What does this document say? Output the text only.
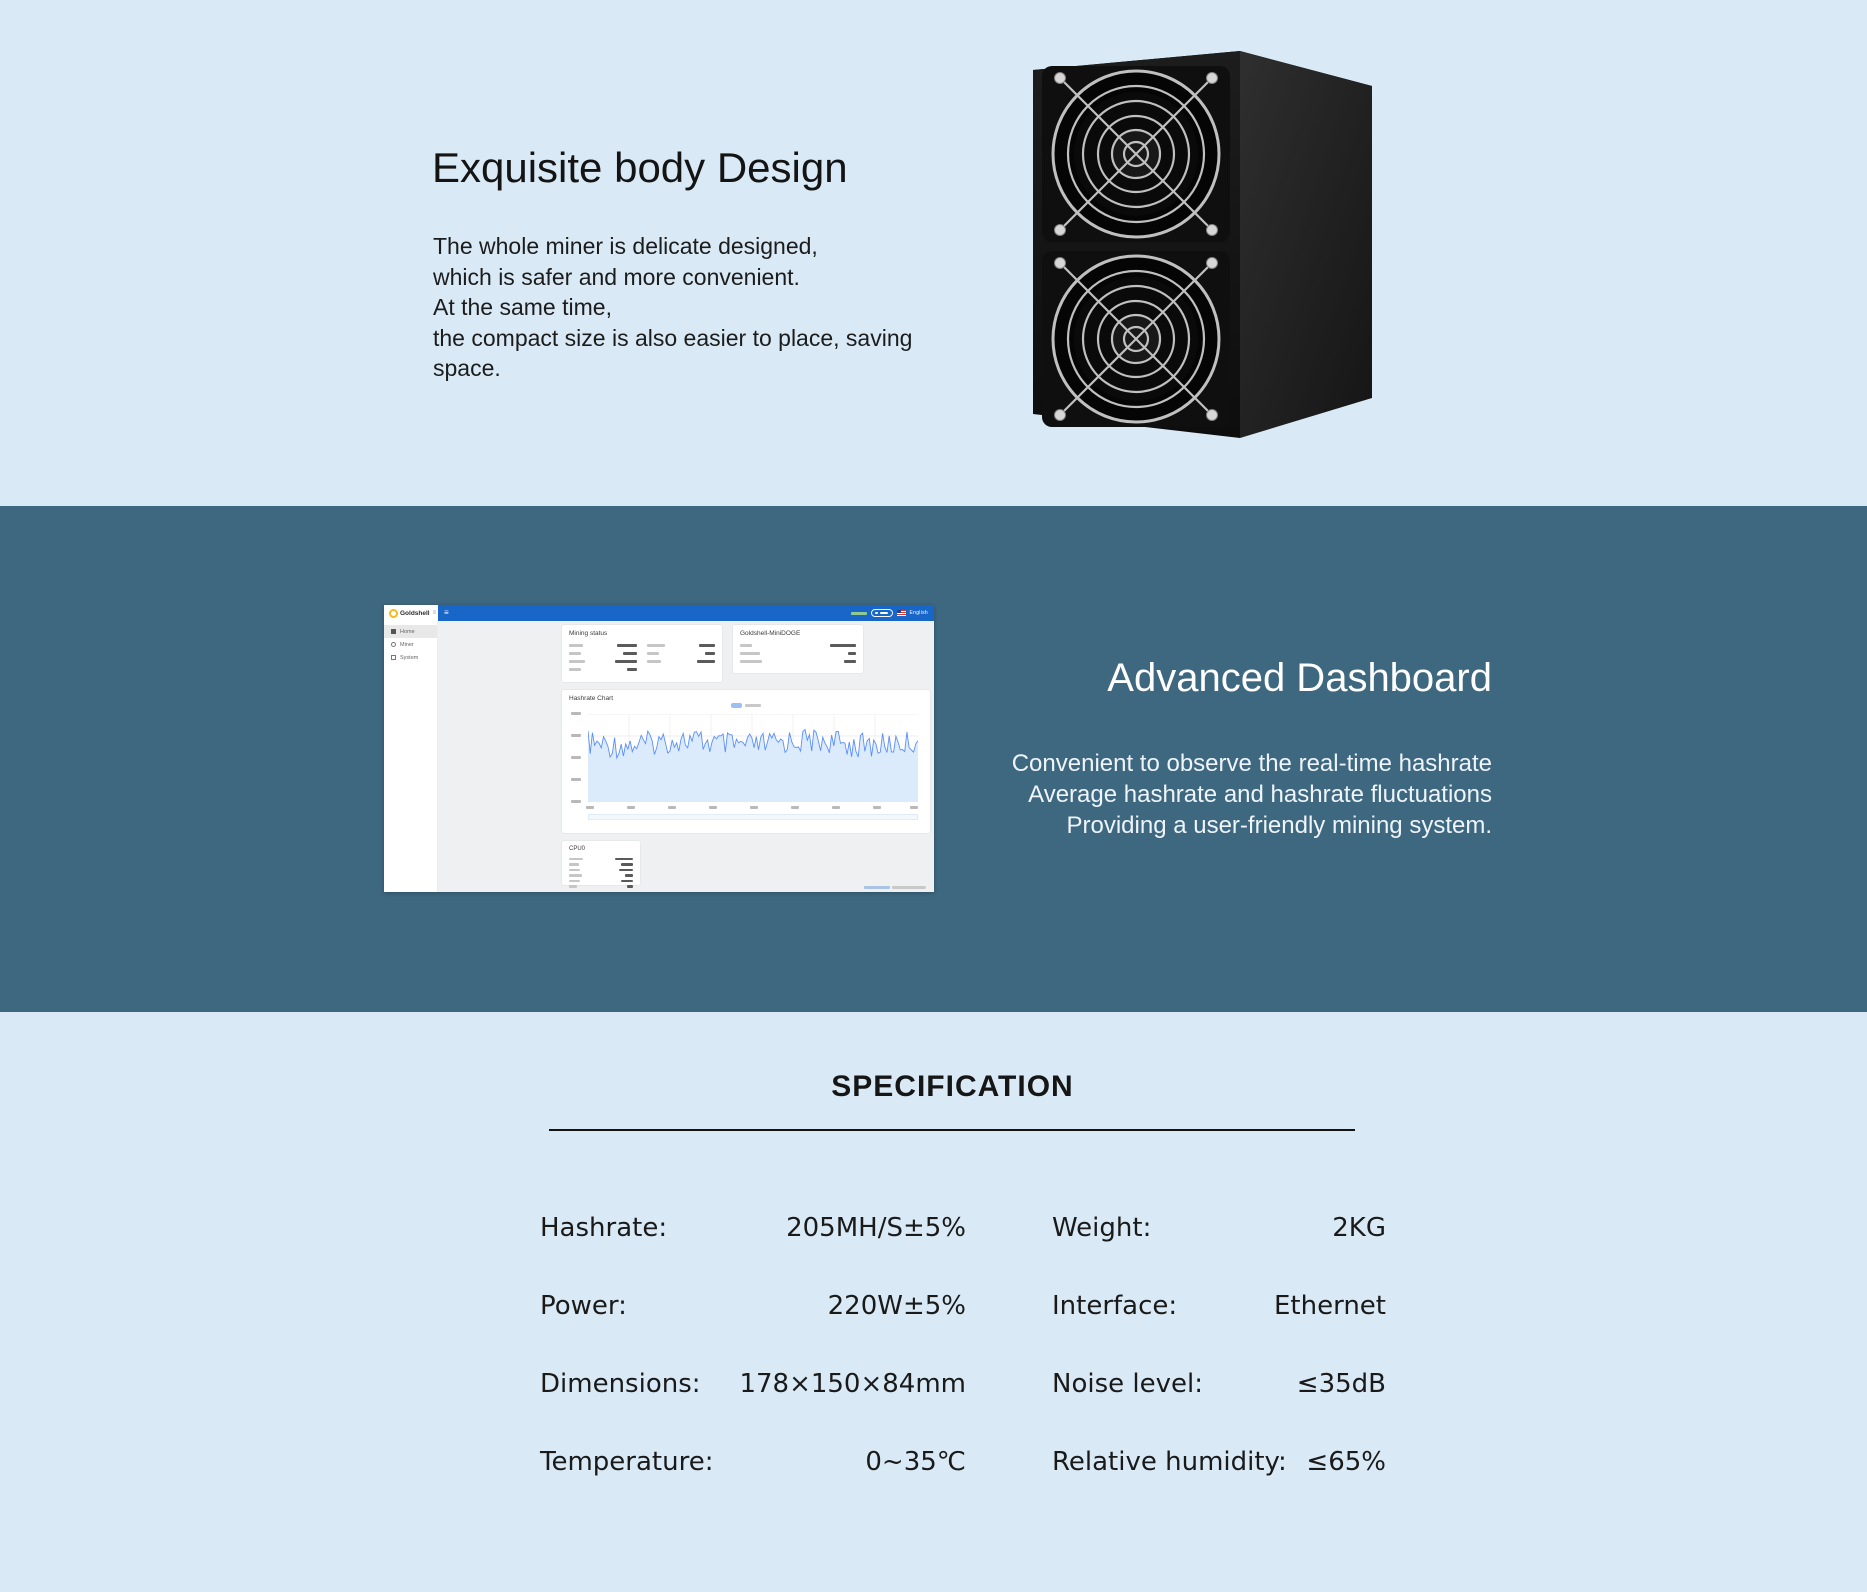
Exquisite body Design
The whole miner is delicate designed,
which is safer and more convenient.
At the same time,
the compact size is also easier to place, saving
space.
Goldshell ≡ ≡	English
Home
Miner
System
Mining status	Goldshell-MiniDOGE
Hashrate Chart
CPU0
Advanced Dashboard
Convenient to observe the real-time hashrate
Average hashrate and hashrate fluctuations
Providing a user-friendly mining system.
SPECIFICATION
Hashrate:	205MH/S±5%	Weight:	2KG
Power:	220W±5%	Interface:	Ethernet
Dimensions: 178×150×84mm	Noise level:	≤35dB
Temperature:	0~35℃	Relative humidity: ≤65%
